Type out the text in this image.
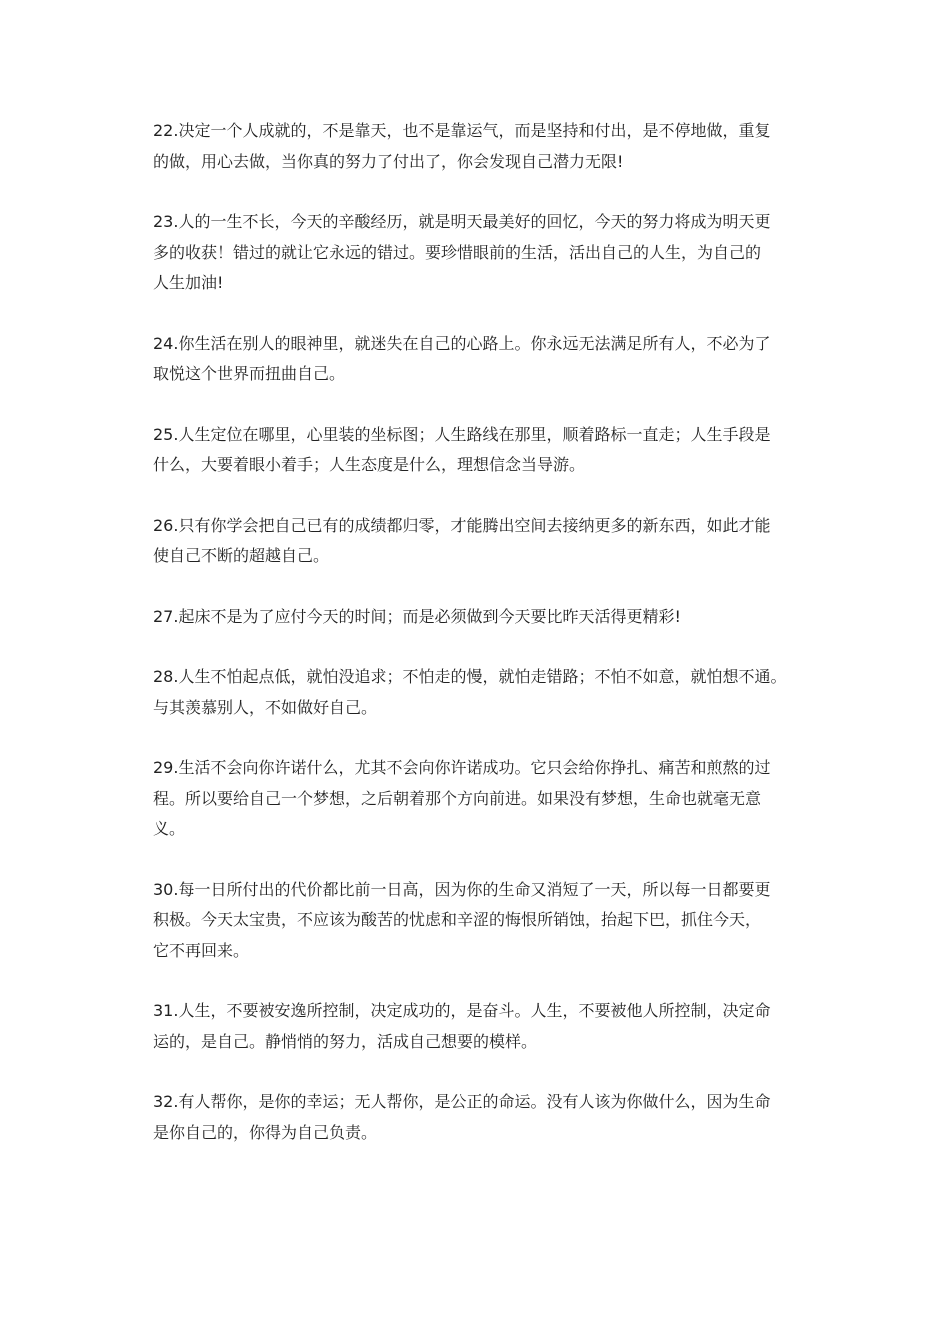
22.决定一个人成就的，不是靠天，也不是靠运气，而是坚持和付出，是不停地做，重复
的做，用心去做，当你真的努力了付出了，你会发现自己潜力无限!
23.人的一生不长，今天的辛酸经历，就是明天最美好的回忆，今天的努力将成为明天更
多的收获！错过的就让它永远的错过。要珍惜眼前的生活，活出自己的人生，为自己的
人生加油!
24.你生活在别人的眼神里，就迷失在自己的心路上。你永远无法满足所有人，不必为了
取悦这个世界而扭曲自己。
25.人生定位在哪里，心里装的坐标图；人生路线在那里，顺着路标一直走；人生手段是
什么，大要着眼小着手；人生态度是什么，理想信念当导游。
26.只有你学会把自己已有的成绩都归零，才能腾出空间去接纳更多的新东西，如此才能
使自己不断的超越自己。
27.起床不是为了应付今天的时间；而是必须做到今天要比昨天活得更精彩!
28.人生不怕起点低，就怕没追求；不怕走的慢，就怕走错路；不怕不如意，就怕想不通。
与其羡慕别人，不如做好自己。
29.生活不会向你许诺什么，尤其不会向你许诺成功。它只会给你挣扎、痛苦和煎熬的过
程。所以要给自己一个梦想，之后朝着那个方向前进。如果没有梦想，生命也就毫无意
义。
30.每一日所付出的代价都比前一日高，因为你的生命又消短了一天，所以每一日都要更
积极。今天太宝贵，不应该为酸苦的忧虑和辛涩的悔恨所销蚀，抬起下巴，抓住今天，
它不再回来。
31.人生，不要被安逸所控制，决定成功的，是奋斗。人生，不要被他人所控制，决定命
运的，是自己。静悄悄的努力，活成自己想要的模样。
32.有人帮你，是你的幸运；无人帮你，是公正的命运。没有人该为你做什么，因为生命
是你自己的，你得为自己负责。
